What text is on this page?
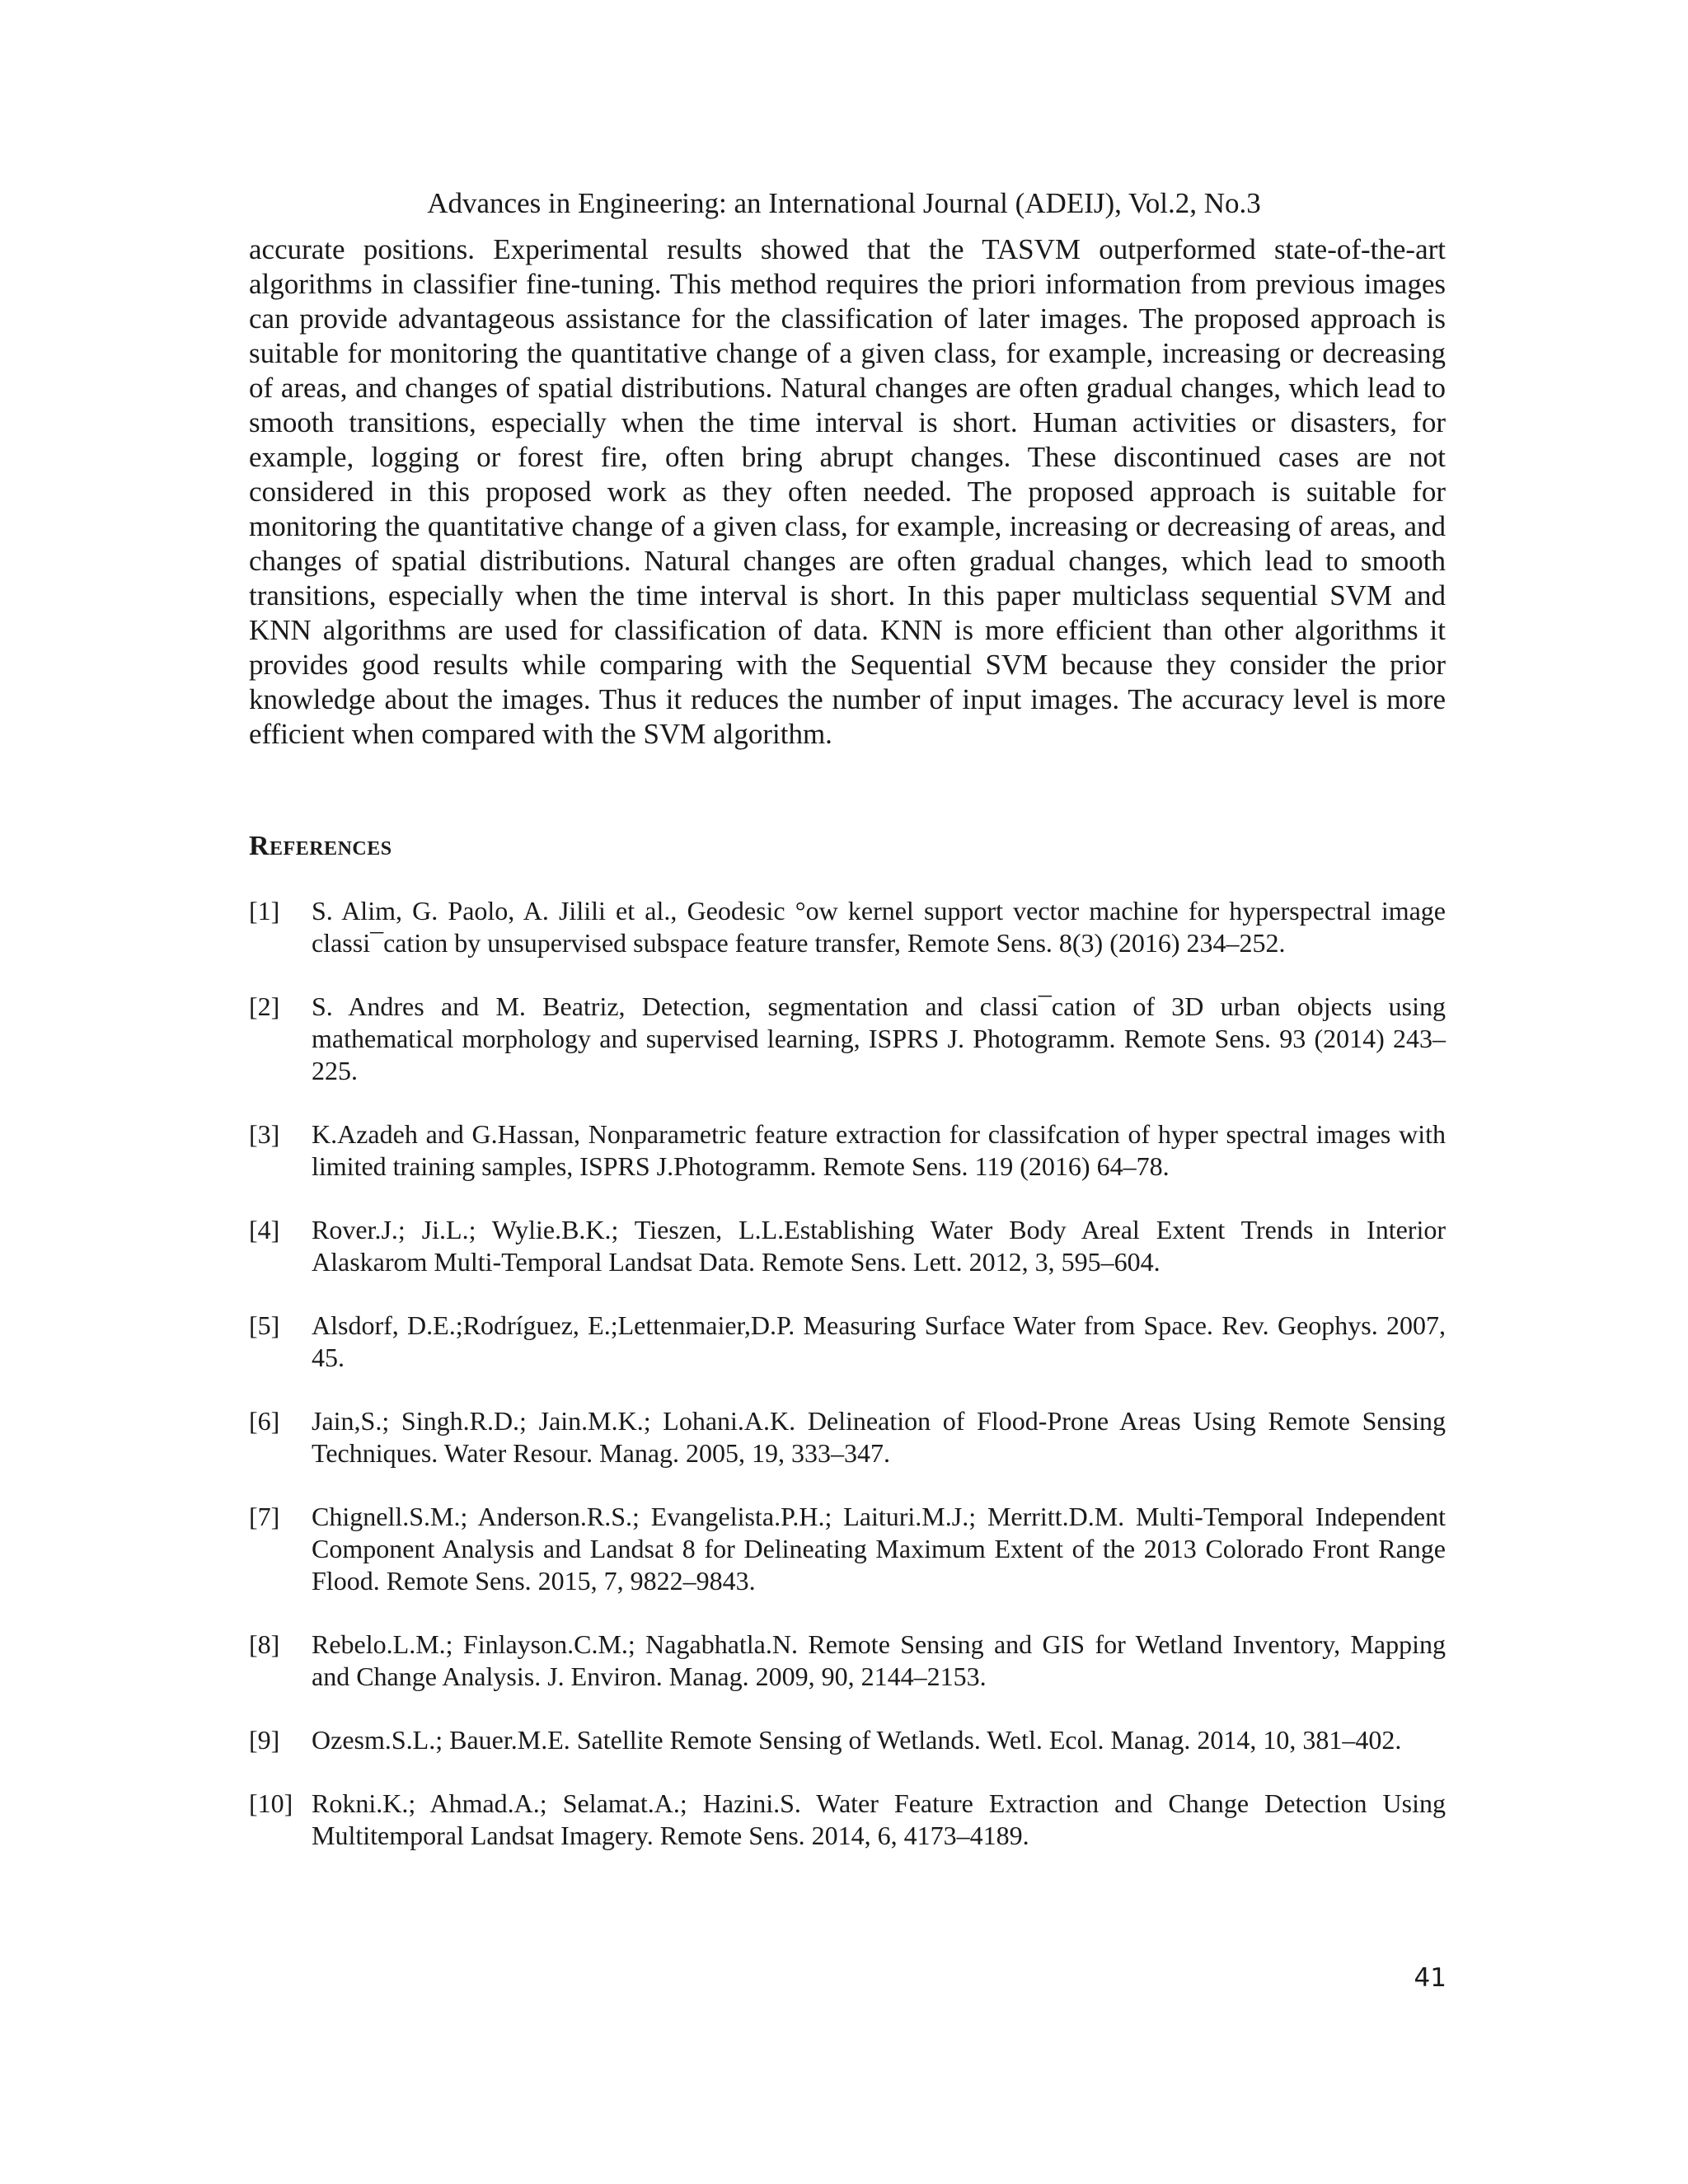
Advances in Engineering: an International Journal (ADEIJ), Vol.2, No.3

accurate positions. Experimental results showed that the TASVM outperformed state-of-the-art algorithms in classifier fine-tuning. This method requires the priori information from previous images can provide advantageous assistance for the classification of later images. The proposed approach is suitable for monitoring the quantitative change of a given class, for example, increasing or decreasing of areas, and changes of spatial distributions. Natural changes are often gradual changes, which lead to smooth transitions, especially when the time interval is short. Human activities or disasters, for example, logging or forest fire, often bring abrupt changes. These discontinued cases are not considered in this proposed work as they often needed. The proposed approach is suitable for monitoring the quantitative change of a given class, for example, increasing or decreasing of areas, and changes of spatial distributions. Natural changes are often gradual changes, which lead to smooth transitions, especially when the time interval is short. In this paper multiclass sequential SVM and KNN algorithms are used for classification of data. KNN is more efficient than other algorithms it provides good results while comparing with the Sequential SVM because they consider the prior knowledge about the images. Thus it reduces the number of input images. The accuracy level is more efficient when compared with the SVM algorithm.

References
[1]	S. Alim, G. Paolo, A. Jilili et al., Geodesic °ow kernel support vector machine for hyperspectral image classi¯cation by unsupervised subspace feature transfer, Remote Sens. 8(3) (2016) 234–252.
[2]	S. Andres and M. Beatriz, Detection, segmentation and classi¯cation of 3D urban objects using mathematical morphology and supervised learning, ISPRS J. Photogramm. Remote Sens. 93 (2014) 243–225.
[3]	K.Azadeh and G.Hassan, Nonparametric feature extraction for classifcation of hyper spectral images with limited training samples, ISPRS J.Photogramm. Remote Sens. 119 (2016) 64–78.
[4]	Rover.J.; Ji.L.; Wylie.B.K.; Tieszen, L.L.Establishing Water Body Areal Extent Trends in Interior Alaskarom Multi-Temporal Landsat Data. Remote Sens. Lett. 2012, 3, 595–604.
[5]	Alsdorf, D.E.;Rodríguez, E.;Lettenmaier,D.P. Measuring Surface Water from Space. Rev. Geophys. 2007, 45.
[6]	Jain,S.; Singh.R.D.; Jain.M.K.; Lohani.A.K. Delineation of Flood-Prone Areas Using Remote Sensing Techniques. Water Resour. Manag. 2005, 19, 333–347.
[7]	Chignell.S.M.; Anderson.R.S.; Evangelista.P.H.; Laituri.M.J.; Merritt.D.M. Multi-Temporal Independent Component Analysis and Landsat 8 for Delineating Maximum Extent of the 2013 Colorado Front Range Flood. Remote Sens. 2015, 7, 9822–9843.
[8]	Rebelo.L.M.; Finlayson.C.M.; Nagabhatla.N. Remote Sensing and GIS for Wetland Inventory, Mapping and Change Analysis. J. Environ. Manag. 2009, 90, 2144–2153.
[9]	Ozesm.S.L.; Bauer.M.E. Satellite Remote Sensing of Wetlands. Wetl. Ecol. Manag. 2014, 10, 381–402.
[10] Rokni.K.; Ahmad.A.; Selamat.A.; Hazini.S. Water Feature Extraction and Change Detection Using Multitemporal Landsat Imagery. Remote Sens. 2014, 6, 4173–4189.
41
